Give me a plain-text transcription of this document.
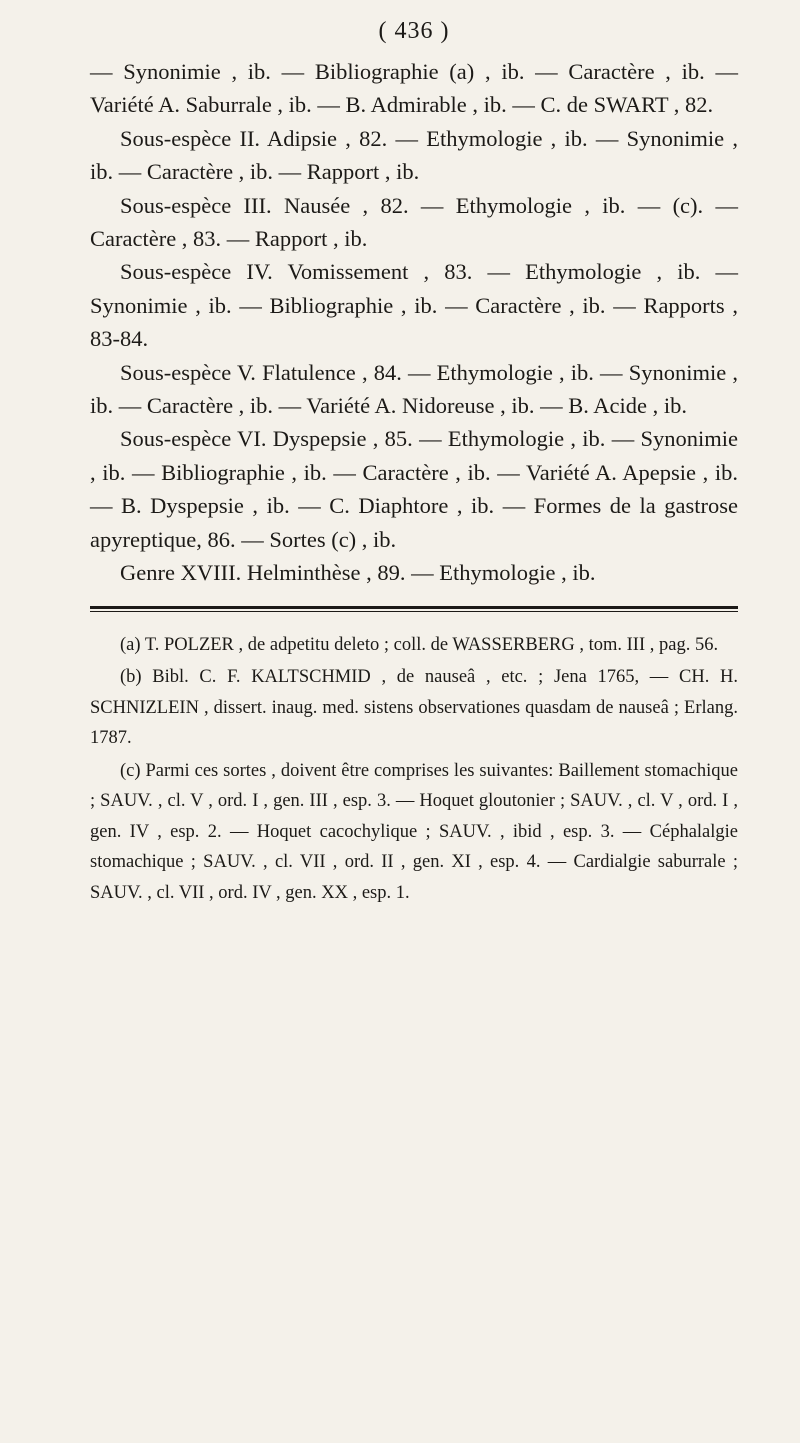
( 436 )

— Synonimie , ib. — Bibliographie (a) , ib. — Caractère , ib. — Variété A. Saburrale , ib. — B. Admirable , ib. — C. de SWART , 82.

Sous-espèce II. Adipsie , 82. — Ethymologie , ib. — Synonimie , ib. — Caractère , ib. — Rapport , ib.

Sous-espèce III. Nausée , 82. — Ethymologie , ib. — (c). — Caractère , 83. — Rapport , ib.

Sous-espèce IV. Vomissement , 83. — Ethymologie , ib. — Synonimie , ib. — Bibliographie , ib. — Caractère , ib. — Rapports , 83-84.

Sous-espèce V. Flatulence , 84. — Ethymologie , ib. — Synonimie , ib. — Caractère , ib. — Variété A. Nidoreuse , ib. — B. Acide , ib.

Sous-espèce VI. Dyspepsie , 85. — Ethymologie , ib. — Synonimie , ib. — Bibliographie , ib. — Caractère , ib. — Variété A. Apepsie , ib. — B. Dyspepsie , ib. — C. Diaphtore , ib. — Formes de la gastrose apyreptique, 86. — Sortes (c) , ib.

Genre XVIII. Helminthèse , 89. — Ethymologie , ib.

(a) T. POLZER , de adpetitu deleto ; coll. de WASSERBERG , tom. III , pag. 56.

(b) Bibl. C. F. KALTSCHMID , de nauseâ , etc. ; Jena 1765, — CH. H. SCHNIZLEIN , dissert. inaug. med. sistens observationes quasdam de nauseâ ; Erlang. 1787.

(c) Parmi ces sortes , doivent être comprises les suivantes: Baillement stomachique ; SAUV. , cl. V , ord. I , gen. III , esp. 3. — Hoquet gloutonier ; SAUV. , cl. V , ord. I , gen. IV , esp. 2. — Hoquet cacochylique ; SAUV. , ibid , esp. 3. — Céphalalgie stomachique ; SAUV. , cl. VII , ord. II , gen. XI , esp. 4. — Cardialgie saburrale ; SAUV. , cl. VII , ord. IV , gen. XX , esp. 1.
